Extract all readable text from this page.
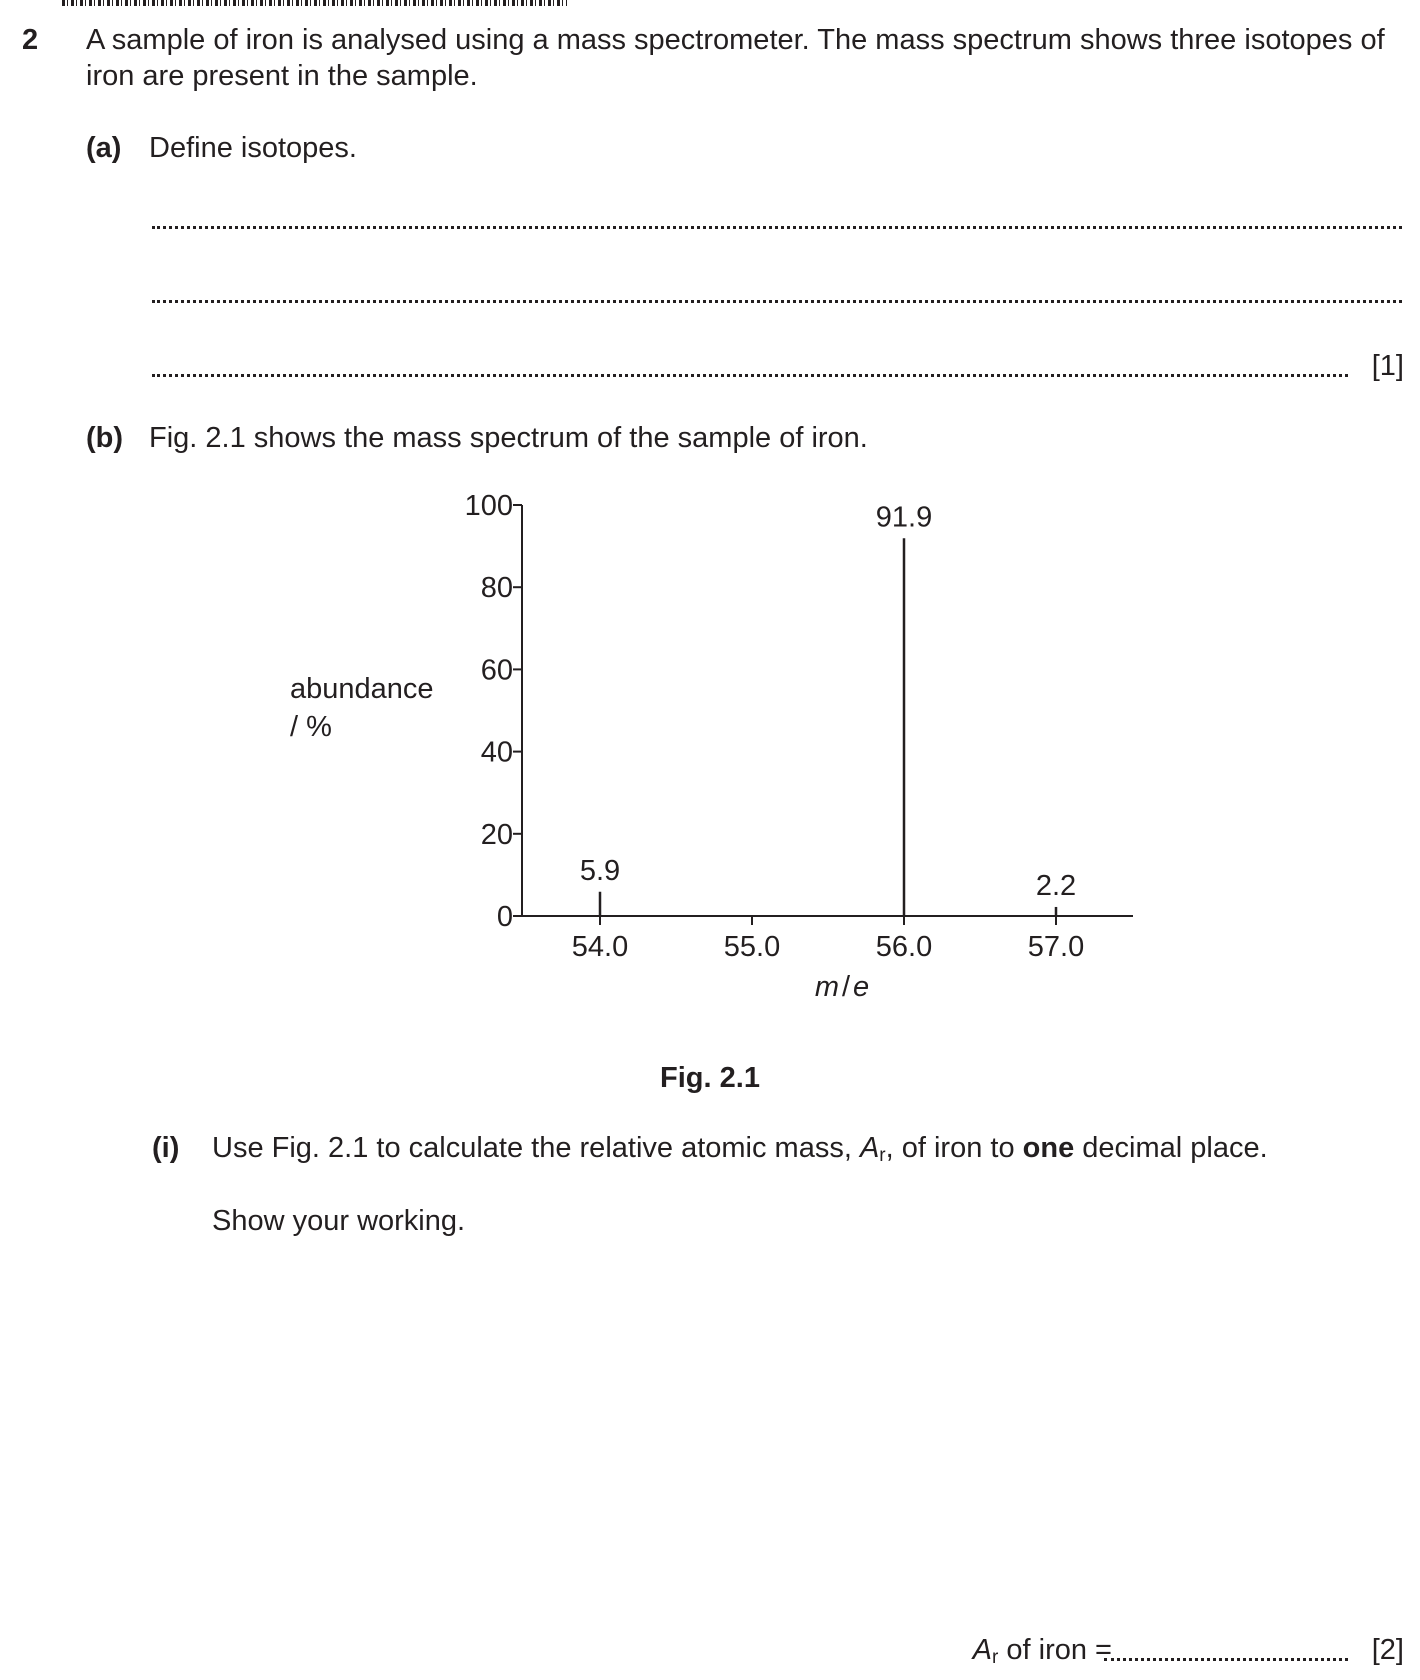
2 A sample of iron is analysed using a mass spectrometer. The mass spectrum shows three isotopes of iron are present in the sample.
(a) Define isotopes.
[1]
(b) Fig. 2.1 shows the mass spectrum of the sample of iron.
0
20
40
60
80
100
54.0	55.0	56.0	57.0
5.9
91.9
2.2
abundance
/ %
m / e
Fig. 2.1
(i) Use Fig. 2.1 to calculate the relative atomic mass, $A_r$, of iron to one decimal place.
Show your working.
$A_r$ of iron =	[2]
